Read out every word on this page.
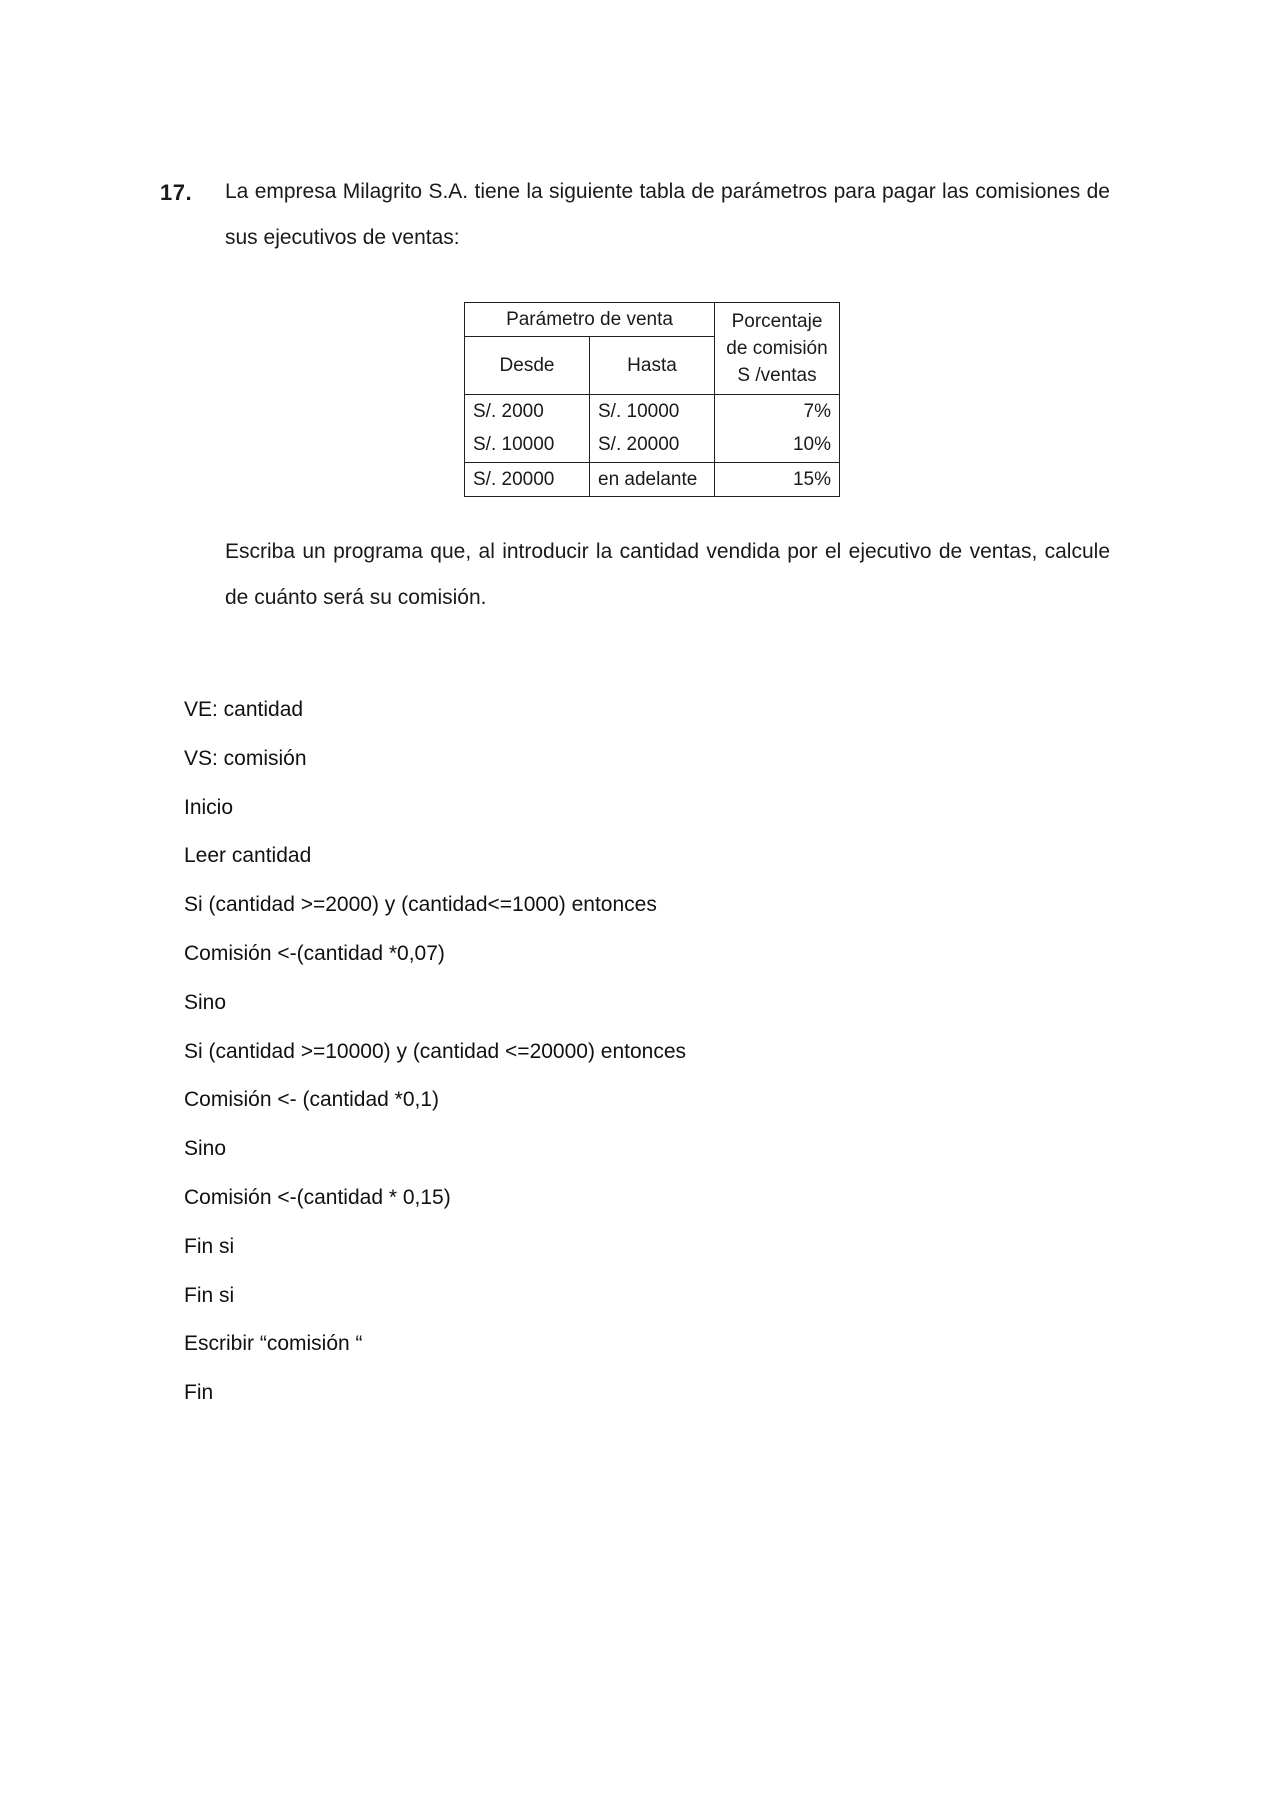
17. La empresa Milagrito S.A. tiene la siguiente tabla de parámetros para pagar las comisiones de sus ejecutivos de ventas:
Parámetro de venta		Porcentaje
de comisión
S /ventas

Desde	Hasta	
S/. 2000	S/. 10000	7%
S/. 10000	S/. 20000	10%
S/. 20000	en adelante	15%
Escriba un programa que, al introducir la cantidad vendida por el ejecutivo de ventas, calcule de cuánto será su comisión.
VE: cantidad
VS: comisión
Inicio
Leer cantidad
Si (cantidad >=2000) y (cantidad<=1000) entonces
Comisión <-(cantidad *0,07)
Sino
Si (cantidad >=10000) y (cantidad <=20000) entonces
Comisión <- (cantidad *0,1)
Sino
Comisión <-(cantidad * 0,15)
Fin si
Fin si
Escribir “comisión “
Fin
